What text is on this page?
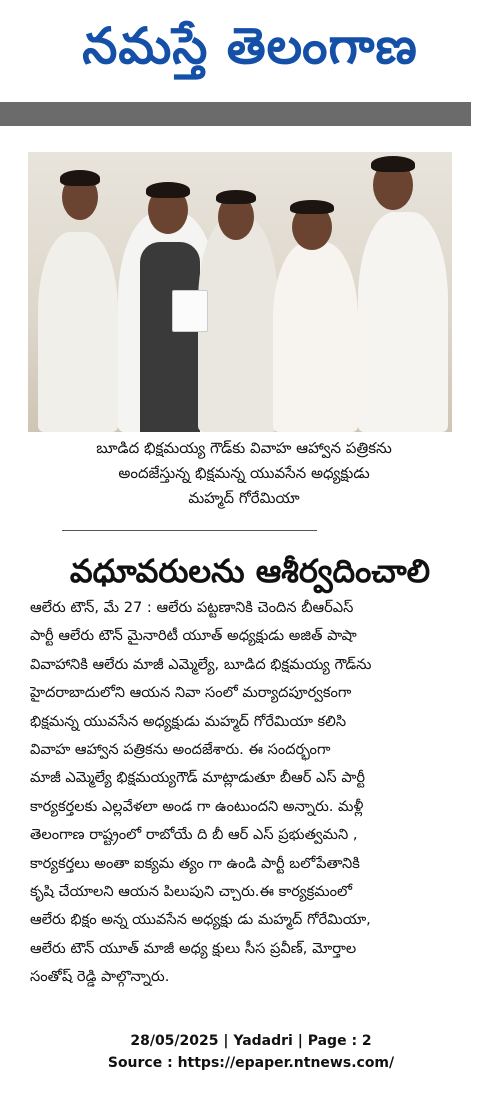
నమస్తే తెలంగాణ
బూడిద భిక్షమయ్య గౌడ్‌కు వివాహ ఆహ్వాన పత్రికను
అందజేస్తున్న భిక్షమన్న యువసేన అధ్యక్షుడు
మహ్మద్ గోరేమియా
వధూవరులను ఆశీర్వదించాలి
ఆలేరు టౌన్, మే 27 : ఆలేరు పట్టణానికి చెందిన బీఆర్‌ఎస్
పార్టీ ఆలేరు టౌన్ మైనారిటీ యూత్ అధ్యక్షుడు అజిత్ పాషా
వివాహానికి ఆలేరు మాజీ ఎమ్మెల్యే, బూడిద భిక్షమయ్య గౌడ్‌ను
హైదరాబాదులోని ఆయన నివా సంలో మర్యాదపూర్వకంగా
భిక్షమన్న యువసేన అధ్యక్షుడు మహ్మద్ గోరేమియా కలిసి
వివాహ ఆహ్వాన పత్రికను అందజేశారు. ఈ సందర్భంగా
మాజీ ఎమ్మెల్యే భిక్షమయ్యగౌడ్ మాట్లాడుతూ బీఆర్ ఎస్ పార్టీ
కార్యకర్తలకు ఎల్లవేళలా అండ గా ఉంటుందని అన్నారు. మళ్లీ
తెలంగాణ రాష్ట్రంలో రాబోయే ది బీ ఆర్ ఎస్ ప్రభుత్వమని ,
కార్యకర్తలు అంతా ఐక్యమ త్యం గా ఉండి పార్టీ బలోపేతానికి
కృషి చేయాలని ఆయన పిలుపుని చ్చారు.ఈ కార్యక్రమంలో
ఆలేరు భిక్షం అన్న యువసేన అధ్యక్షు డు మహ్మద్ గోరేమియా,
ఆలేరు టౌన్ యూత్ మాజీ అధ్య క్షులు సీస ప్రవీణ్, మోర్తాల
సంతోష్ రెడ్డి పాల్గొన్నారు.
28/05/2025 | Yadadri | Page : 2
Source : https://epaper.ntnews.com/
